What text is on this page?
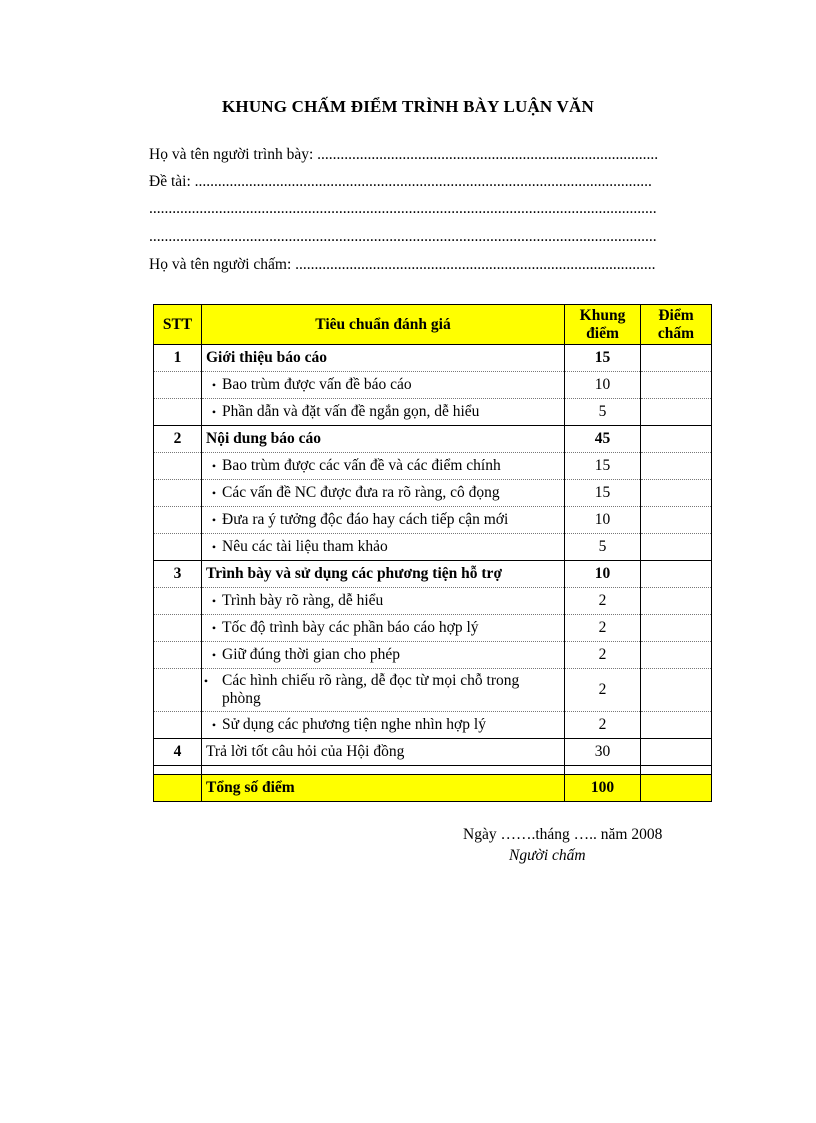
KHUNG CHẤM ĐIỂM TRÌNH BÀY LUẬN VĂN
Họ và tên người trình bày: ........................................................................................
Đề tài: ......................................................................................................................
...................................................................................................................................
...................................................................................................................................
Họ và tên người chấm: .............................................................................................
STT	Tiêu chuẩn đánh giá	Khung điểm	Điểm chấm
1	Giới thiệu báo cáo	15	
	• Bao trùm được vấn đề báo cáo	10	
	• Phần dẫn và đặt vấn đề ngắn gọn, dễ hiểu	5	
2	Nội dung báo cáo	45	
	• Bao trùm được các vấn đề và các điểm chính	15	
	• Các vấn đề NC được đưa ra rõ ràng, cô đọng	15	
	• Đưa ra ý tưởng độc đáo hay cách tiếp cận mới	10	
	• Nêu các tài liệu tham khảo	5	
3	Trình bày và sử dụng các phương tiện hỗ trợ	10	
	• Trình bày rõ ràng, dễ hiểu	2	
	• Tốc độ trình bày các phần báo cáo hợp lý	2	
	• Giữ đúng thời gian cho phép	2	

	• Các hình chiếu rõ ràng, dễ đọc từ mọi chỗ trong phòng	2	
	• Sử dụng các phương tiện nghe nhìn hợp lý	2	
4	Trả lời tốt câu hỏi của Hội đồng	30	

	Tổng số điểm	100	
Ngày …….tháng ….. năm 2008
Người chấm
